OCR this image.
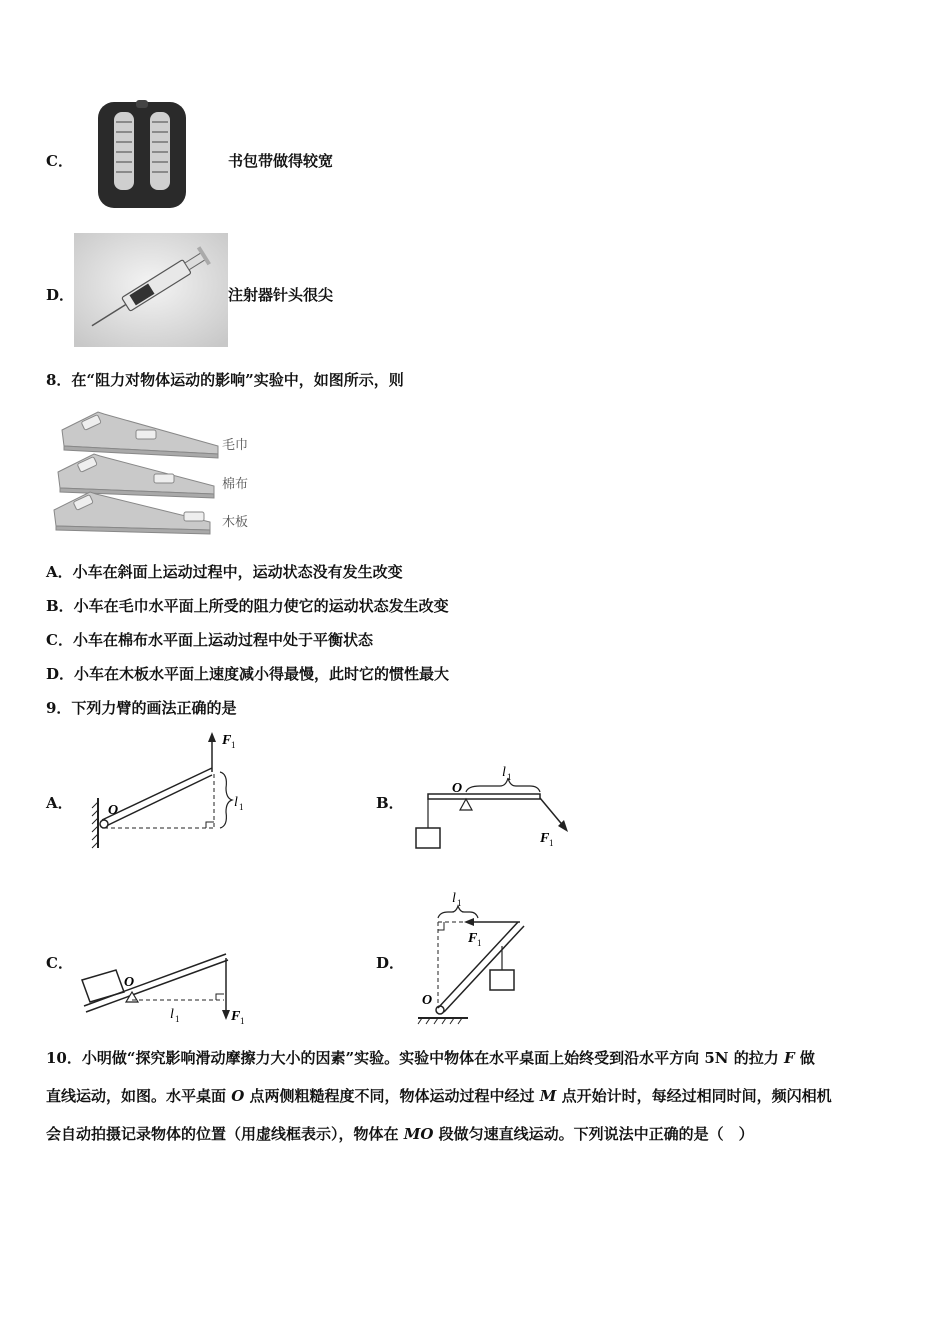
C．	书包带做得较宽
D．	注射器针头很尖
8．在“阻力对物体运动的影响”实验中，如图所示，则
毛巾
棉布
木板
A．小车在斜面上运动过程中，运动状态没有发生改变
B．小车在毛巾水平面上所受的阻力使它的运动状态发生改变
C．小车在棉布水平面上运动过程中处于平衡状态
D．小车在木板水平面上速度减小得最慢，此时它的惯性最大
9．下列力臂的画法正确的是
A．	O
F 1
l 1	B．
O
l 1
F 1
C．
O
l 1	F 1
D．
l 1
F 1
O
10．小明做“探究影响滑动摩擦力大小的因素”实验。实验中物体在水平桌面上始终受到沿水平方向 5N 的拉力 F 做
直线运动，如图。水平桌面 O 点两侧粗糙程度不同，物体运动过程中经过 M 点开始计时，每经过相同时间，频闪相机
会自动拍摄记录物体的位置（用虚线框表示），物体在 MO 段做匀速直线运动。下列说法中正确的是（　）
